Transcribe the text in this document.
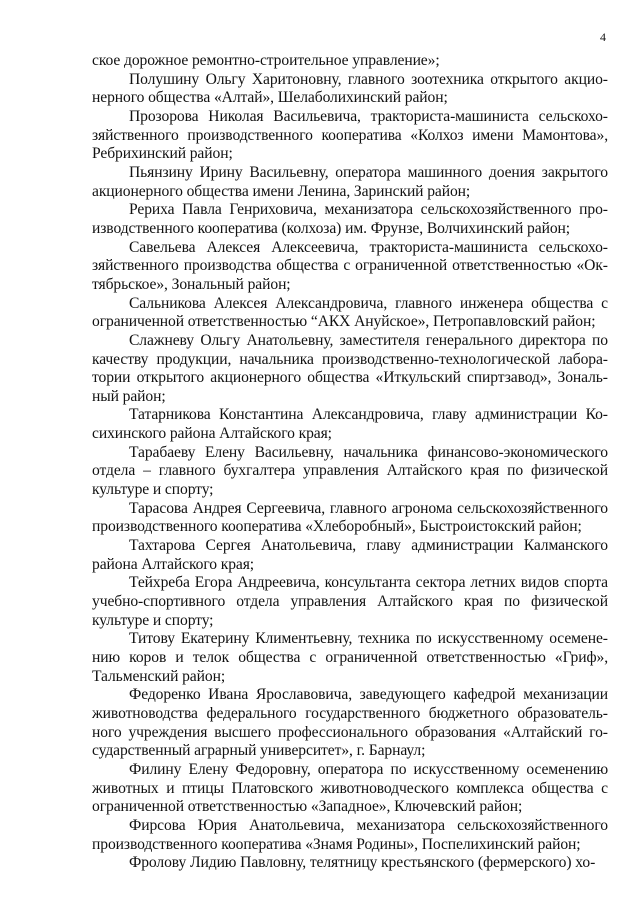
4

ское дорожное ремонтно-строительное управление»;

Полушину Ольгу Харитоновну, главного зоотехника открытого акционерного общества «Алтай», Шелаболихинский район;

Прозорова Николая Васильевича, тракториста-машиниста сельскохозяйственного производственного кооператива «Колхоз имени Мамонтова», Ребрихинский район;

Пьянзину Ирину Васильевну, оператора машинного доения закрытого акционерного общества имени Ленина, Заринский район;

Рериха Павла Генриховича, механизатора сельскохозяйственного производственного кооператива (колхоза) им. Фрунзе, Волчихинский район;

Савельева Алексея Алексеевича, тракториста-машиниста сельскохозяйственного производства общества с ограниченной ответственностью «Октябрьское», Зональный район;

Сальникова Алексея Александровича, главного инженера общества с ограниченной ответственностью “АКХ Ануйское», Петропавловский район;

Слажневу Ольгу Анатольевну, заместителя генерального директора по качеству продукции, начальника производственно-технологической лаборатории открытого акционерного общества «Иткульский спиртзавод», Зональный район;

Татарникова Константина Александровича, главу администрации Косихинского района Алтайского края;

Тарабаеву Елену Васильевну, начальника финансово-экономического отдела – главного бухгалтера управления Алтайского края по физической культуре и спорту;

Тарасова Андрея Сергеевича, главного агронома сельскохозяйственного производственного кооператива «Хлеборобный», Быстроистокский район;

Тахтарова Сергея Анатольевича, главу администрации Калманского района Алтайского края;

Тейхреба Егора Андреевича, консультанта сектора летних видов спорта учебно-спортивного отдела управления Алтайского края по физической культуре и спорту;

Титову Екатерину Климентьевну, техника по искусственному осеменению коров и телок общества с ограниченной ответственностью «Гриф», Тальменский район;

Федоренко Ивана Ярославовича, заведующего кафедрой механизации животноводства федерального государственного бюджетного образовательного учреждения высшего профессионального образования «Алтайский государственный аграрный университет», г. Барнаул;

Филину Елену Федоровну, оператора по искусственному осеменению животных и птицы Платовского животноводческого комплекса общества с ограниченной ответственностью «Западное», Ключевский район;

Фирсова Юрия Анатольевича, механизатора сельскохозяйственного производственного кооператива «Знамя Родины», Поспелихинский район;

Фролову Лидию Павловну, телятницу крестьянского (фермерского) хо-
